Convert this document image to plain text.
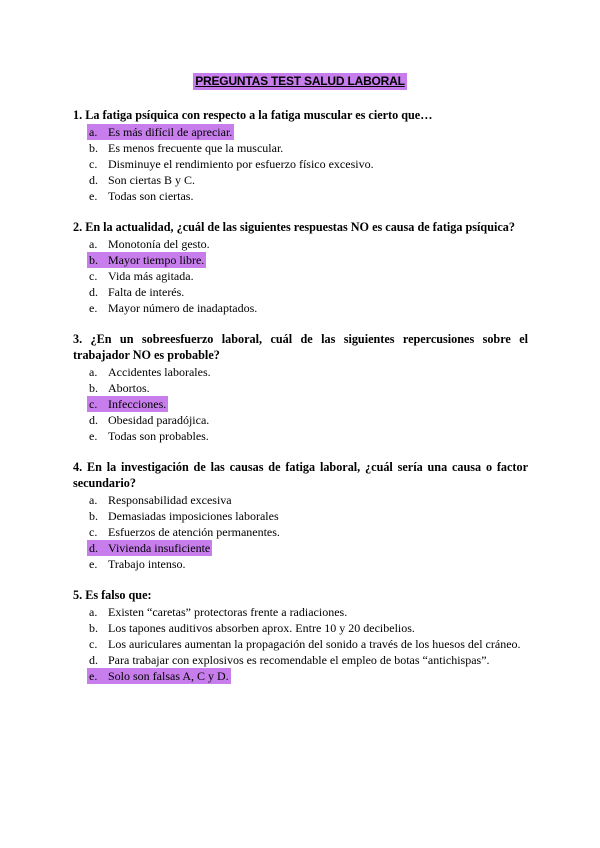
PREGUNTAS TEST SALUD LABORAL

1. La fatiga psíquica con respecto a la fatiga muscular es cierto que…

a. Es más difícil de apreciar.
b. Es menos frecuente que la muscular.
c. Disminuye el rendimiento por esfuerzo físico excesivo.
d. Son ciertas B y C.
e. Todas son ciertas.

2. En la actualidad, ¿cuál de las siguientes respuestas NO es causa de fatiga psíquica?

a. Monotonía del gesto.
b. Mayor tiempo libre.
c. Vida más agitada.
d. Falta de interés.
e. Mayor número de inadaptados.

3. ¿En un sobreesfuerzo laboral, cuál de las siguientes repercusiones sobre el trabajador NO es probable?

a. Accidentes laborales.
b. Abortos.
c. Infecciones.
d. Obesidad paradójica.
e. Todas son probables.

4. En la investigación de las causas de fatiga laboral, ¿cuál sería una causa o factor secundario?

a. Responsabilidad excesiva
b. Demasiadas imposiciones laborales
c. Esfuerzos de atención permanentes.
d. Vivienda insuficiente
e. Trabajo intenso.

5. Es falso que:

a. Existen “caretas” protectoras frente a radiaciones.
b. Los tapones auditivos absorben aprox. Entre 10 y 20 decibelios.
c. Los auriculares aumentan la propagación del sonido a través de los huesos del cráneo.
d. Para trabajar con explosivos es recomendable el empleo de botas “antichispas”.
e. Solo son falsas A, C y D.
